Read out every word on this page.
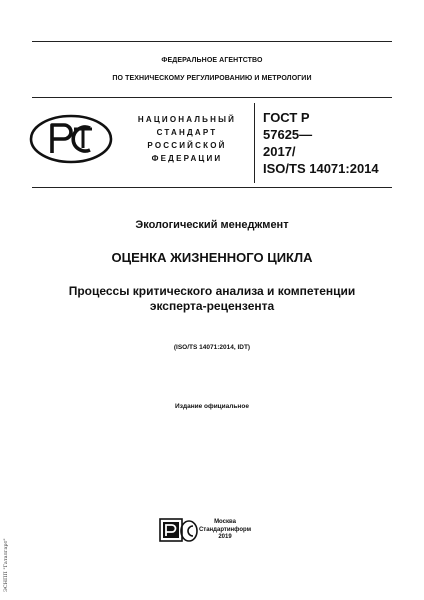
ФЕДЕРАЛЬНОЕ АГЕНТСТВО
ПО ТЕХНИЧЕСКОМУ РЕГУЛИРОВАНИЮ И МЕТРОЛОГИИ
НАЦИОНАЛЬНЫЙ
СТАНДАРТ
РОССИЙСКОЙ
ФЕДЕРАЦИИ
ГОСТ Р
57625—
2017/
ISO/TS 14071:2014
Экологический менеджмент
ОЦЕНКА ЖИЗНЕННОГО ЦИКЛА
Процессы критического анализа и компетенции
эксперта-рецензента
(ISO/TS 14071:2014, IDT)
Издание официальное
Москва
Стандартинформ
2019
ЭСНПП "Гаталгарт"
